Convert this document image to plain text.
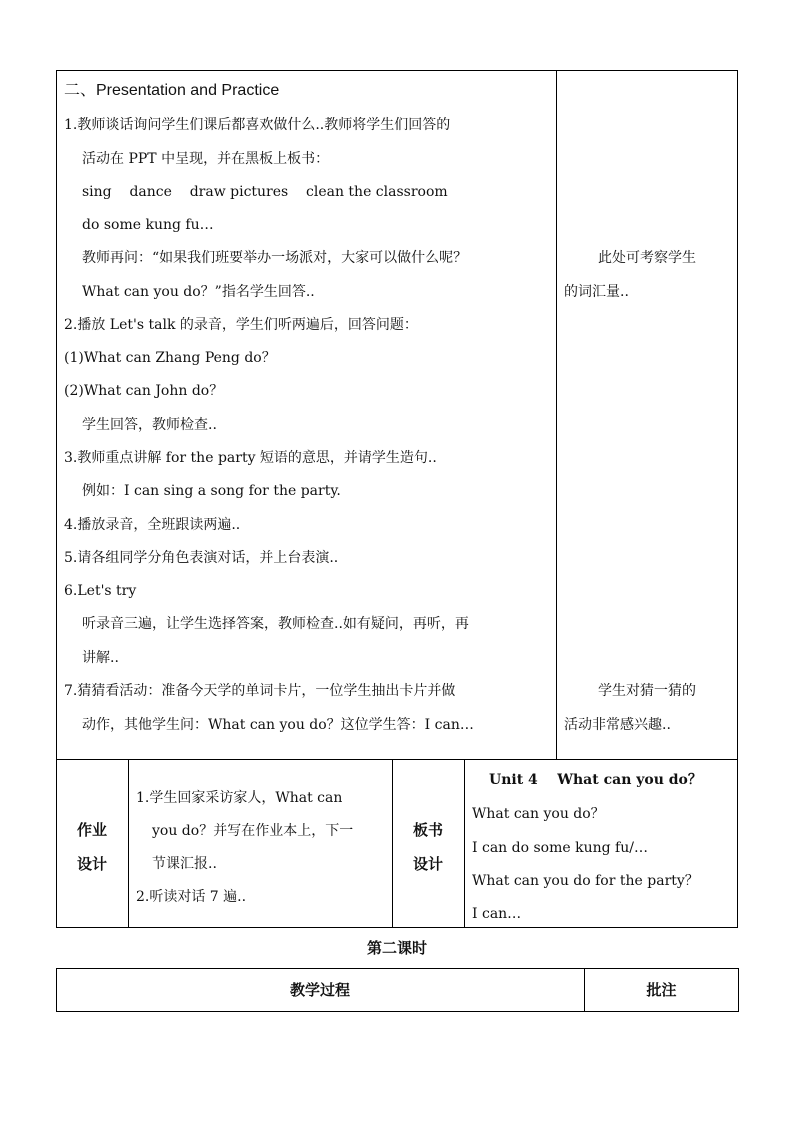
二、Presentation and Practice
1.教师谈话询问学生们课后都喜欢做什么..教师将学生们回答的
活动在 PPT 中呈现，并在黑板上板书：
sing    dance    draw pictures    clean the classroom
do some kung fu…
教师再问：“如果我们班要举办一场派对，大家可以做什么呢？
What can you do？”指名学生回答..
2.播放 Let's talk 的录音，学生们听两遍后，回答问题：
(1)What can Zhang Peng do？
(2)What can John do？
学生回答，教师检查..
3.教师重点讲解 for the party 短语的意思，并请学生造句..
例如：I can sing a song for the party.
4.播放录音，全班跟读两遍..
5.请各组同学分角色表演对话，并上台表演..
6.Let's try
听录音三遍，让学生选择答案，教师检查..如有疑问，再听，再
讲解..
7.猜猜看活动：准备今天学的单词卡片，一位学生抽出卡片并做
动作，其他学生问：What can you do？这位学生答：I can…
此处可考察学生
的词汇量..
学生对猜一猜的
活动非常感兴趣..
作业
设计
1.学生回家采访家人，What can
you do？并写在作业本上，下一
节课汇报..
2.听读对话 7 遍..
板书
设计
Unit 4    What can you do？
What can you do？
I can do some kung fu/…
What can you do for the party？
I can…
第二课时
教学过程	批注
